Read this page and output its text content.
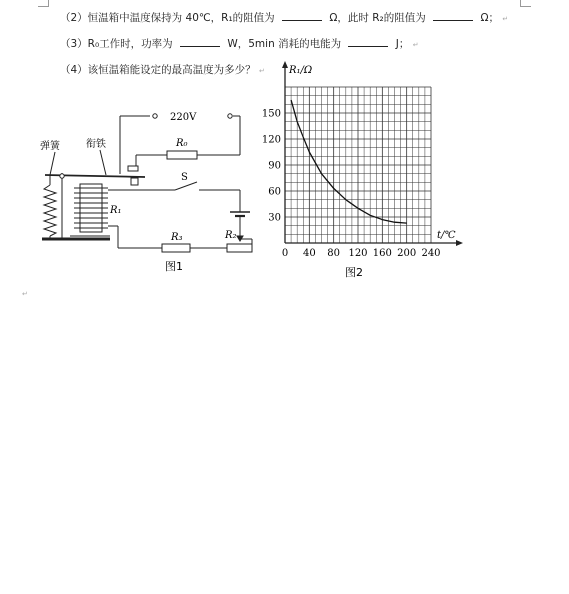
（2）恒温箱中温度保持为 40℃，R₁的阻值为	Ω，此时 R₂的阻值为	Ω； ↵
（3）R₀工作时，功率为	W，5min 消耗的电能为	J； ↵
（4）该恒温箱能设定的最高温度为多少？ ↵
220V
R₀
弹簧	衔铁
S
R₁
R₃	R₂
图1
0 40 80 120 160 200 240
30
60
90
120
150
R₁/Ω
t/℃
图2
↵
